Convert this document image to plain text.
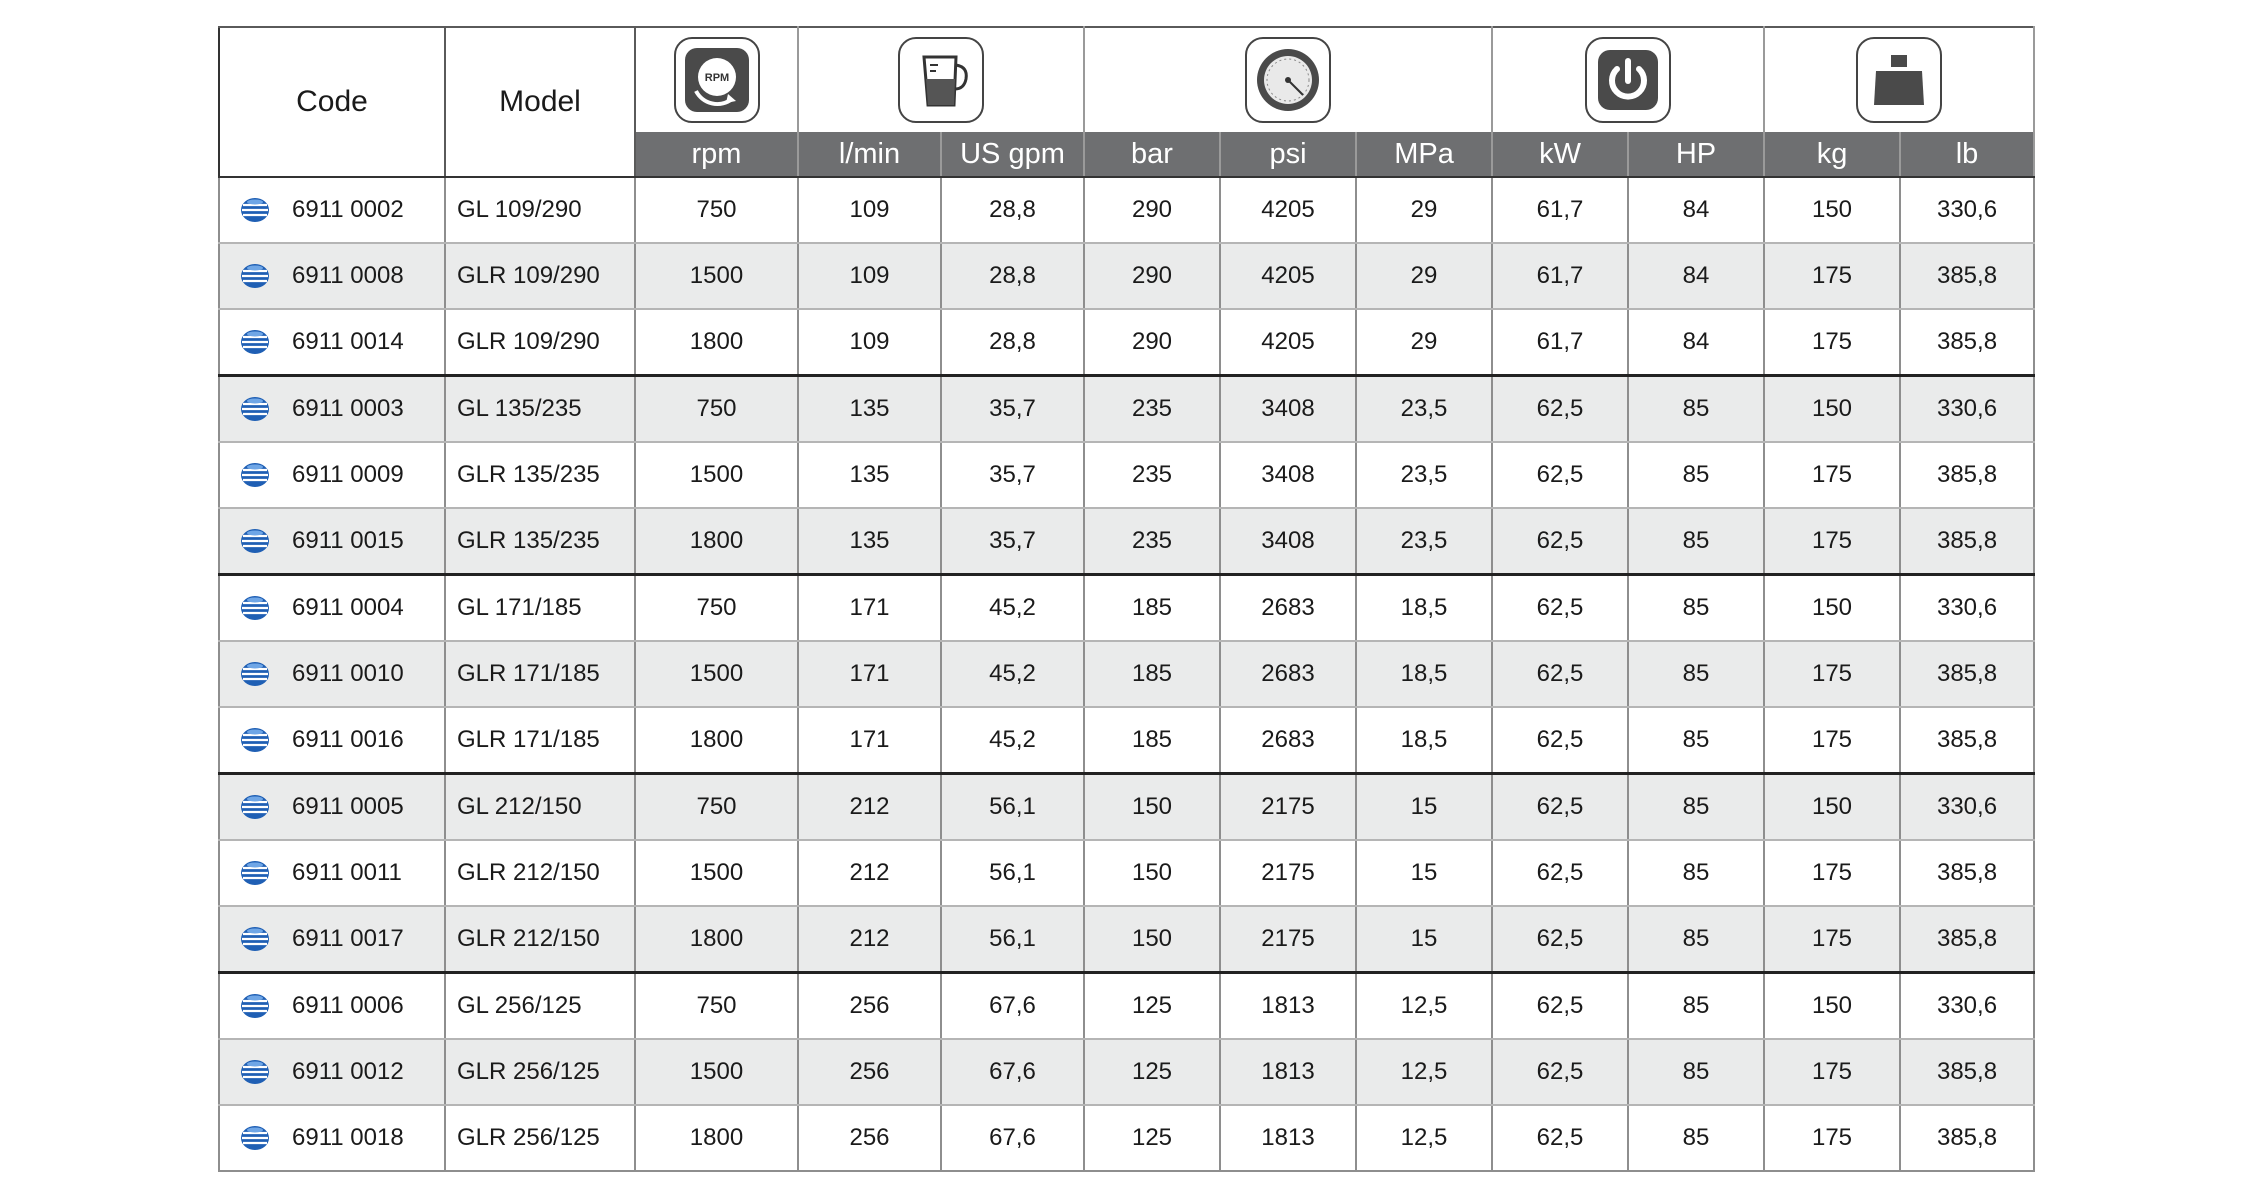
Code	Model	RPM

		rpm	l/min	US gpm	bar	psi	MPa	kW	HP	kg	lb

6911 0002	GL 109/290	750	109	28,8	290	4205	29	61,7	84	150	330,6

6911 0008	GLR 109/290	1500	109	28,8	290	4205	29	61,7	84	175	385,8

6911 0014	GLR 109/290	1800	109	28,8	290	4205	29	61,7	84	175	385,8

6911 0003	GL 135/235	750	135	35,7	235	3408	23,5	62,5	85	150	330,6

6911 0009	GLR 135/235	1500	135	35,7	235	3408	23,5	62,5	85	175	385,8

6911 0015	GLR 135/235	1800	135	35,7	235	3408	23,5	62,5	85	175	385,8

6911 0004	GL 171/185	750	171	45,2	185	2683	18,5	62,5	85	150	330,6

6911 0010	GLR 171/185	1500	171	45,2	185	2683	18,5	62,5	85	175	385,8

6911 0016	GLR 171/185	1800	171	45,2	185	2683	18,5	62,5	85	175	385,8

6911 0005	GL 212/150	750	212	56,1	150	2175	15	62,5	85	150	330,6

6911 0011	GLR 212/150	1500	212	56,1	150	2175	15	62,5	85	175	385,8

6911 0017	GLR 212/150	1800	212	56,1	150	2175	15	62,5	85	175	385,8

6911 0006	GL 256/125	750	256	67,6	125	1813	12,5	62,5	85	150	330,6

6911 0012	GLR 256/125	1500	256	67,6	125	1813	12,5	62,5	85	175	385,8

6911 0018	GLR 256/125	1800	256	67,6	125	1813	12,5	62,5	85	175	385,8
